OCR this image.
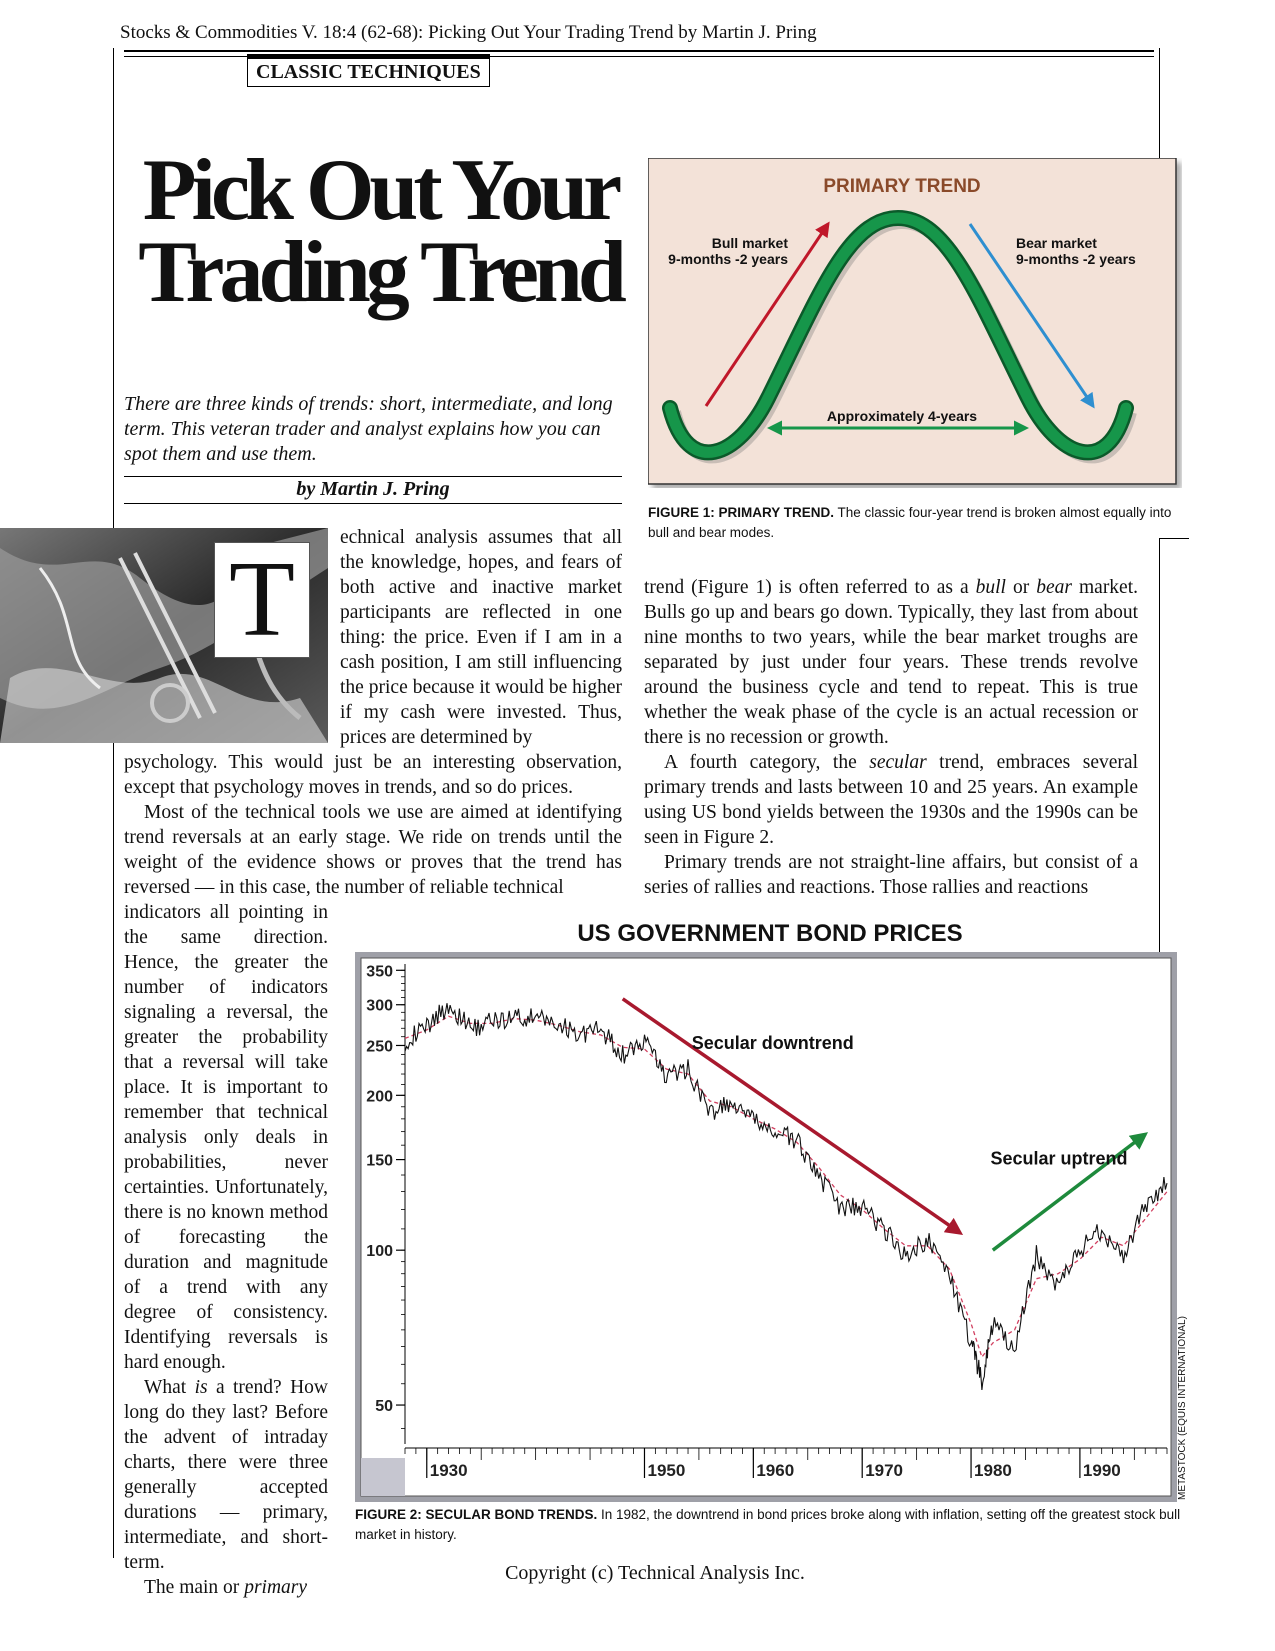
Stocks & Commodities V. 18:4 (62-68): Picking Out Your Trading Trend by Martin J. Pring
CLASSIC TECHNIQUES
Pick Out Your
Trading Trend
There are three kinds of trends: short, intermediate, and long term. This veteran trader and analyst explains how you can spot them and use them.
by Martin J. Pring
T

echnical analysis assumes that all the knowledge, hopes, and fears of both active and inactive market participants are reflected in one thing: the price. Even if I am in a cash position, I am still influencing the price because it would be higher if my cash were invested. Thus, prices are determined by

psychology. This would just be an interesting observation, except that psychology moves in trends, and so do prices.

Most of the technical tools we use are aimed at identifying trend reversals at an early stage. We ride on trends until the weight of the evidence shows or proves that the trend has reversed — in this case, the number of reliable technical

indicators all pointing in the same direction. Hence, the greater the number of indicators signaling a reversal, the greater the probability that a reversal will take place. It is important to remember that technical analysis only deals in probabilities, never certainties. Unfortunately, there is no known method of forecasting the duration and magnitude of a trend with any degree of consistency. Identifying reversals is hard enough.

What is a trend? How long do they last? Before the advent of intraday charts, there were three generally accepted durations — primary, intermediate, and short-term.

The main or primary

trend (Figure 1) is often referred to as a bull or bear market. Bulls go up and bears go down. Typically, they last from about nine months to two years, while the bear market troughs are separated by just under four years. These trends revolve around the business cycle and tend to repeat. This is true whether the weak phase of the cycle is an actual recession or there is no recession or growth.

A fourth category, the secular trend, embraces several primary trends and lasts between 10 and 25 years. An example using US bond yields between the 1930s and the 1990s can be seen in Figure 2.

Primary trends are not straight-line affairs, but consist of a series of rallies and reactions. Those rallies and reactions

PRIMARY TREND
Bull market
9-months -2 years
Bear market
9-months -2 years
Approximately 4-years
FIGURE 1: PRIMARY TREND. The classic four-year trend is broken almost equally into bull and bear modes.
US GOVERNMENT BOND PRICES
350
300
250
200
150
100
50
1930	1950	1960	1970	1980	1990
Secular downtrend
Secular uptrend
FIGURE 2: SECULAR BOND TRENDS. In 1982, the downtrend in bond prices broke along with inflation, setting off the greatest stock bull market in history.
METASTOCK (EQUIS INTERNATIONAL)
Copyright (c) Technical Analysis Inc.
